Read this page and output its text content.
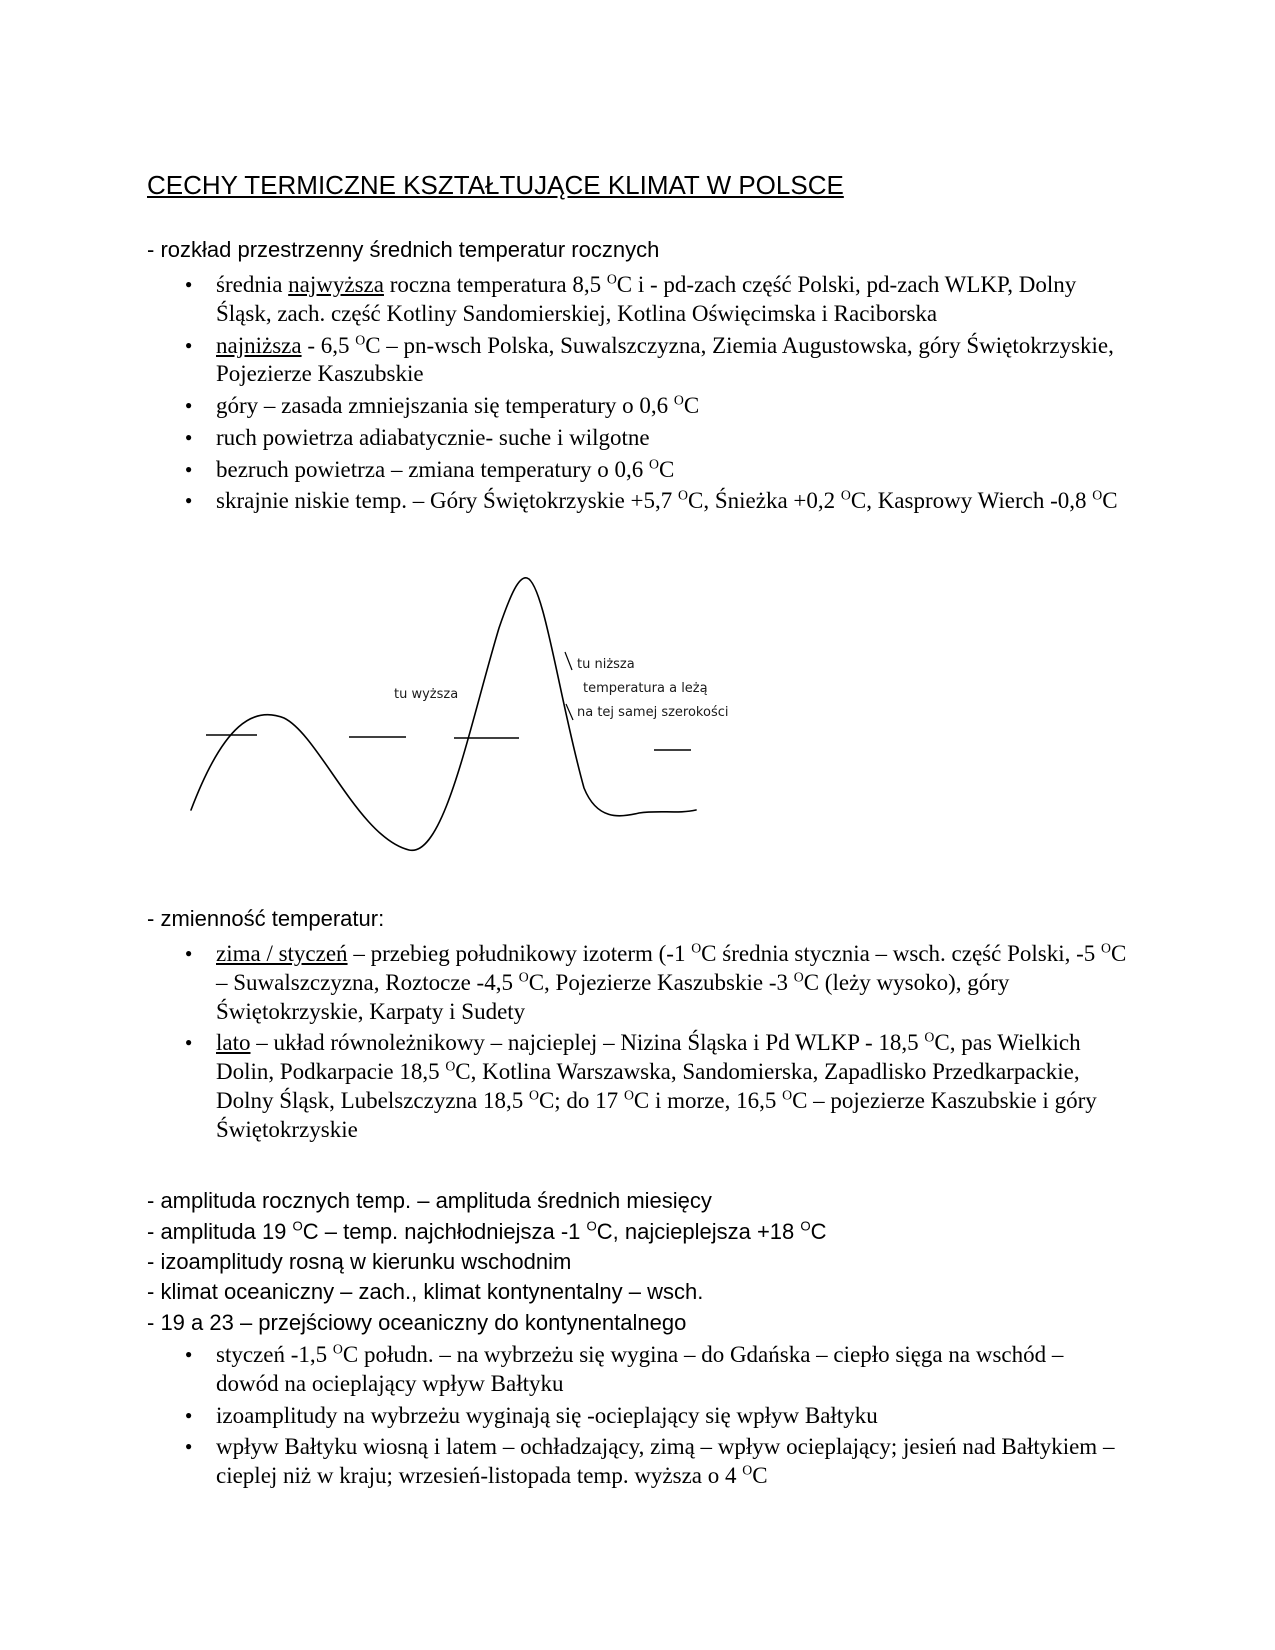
CECHY TERMICZNE KSZTAŁTUJĄCE KLIMAT W POLSCE
- rozkład przestrzenny średnich temperatur rocznych
● średnia najwyższa roczna temperatura 8,5 $^O$C i - pd-zach część Polski, pd-zach WLKP, Dolny Śląsk, zach. część Kotliny Sandomierskiej, Kotlina Oświęcimska i Raciborska
● najniższa - 6,5 $^O$C – pn-wsch Polska, Suwalszczyzna, Ziemia Augustowska, góry Świętokrzyskie, Pojezierze Kaszubskie
● góry – zasada zmniejszania się temperatury o 0,6 $^O$C
● ruch powietrza adiabatycznie- suche i wilgotne
● bezruch powietrza – zmiana temperatury o 0,6 $^O$C
● skrajnie niskie temp. – Góry Świętokrzyskie +5,7 $^O$C, Śnieżka +0,2 $^O$C, Kasprowy Wierch -0,8 $^O$C
tu wyższa
tu niższa
temperatura a leżą
na tej samej szerokości
- zmienność temperatur:
● zima / styczeń – przebieg południkowy izoterm (-1 $^O$C średnia stycznia – wsch. część Polski, -5 $^O$C – Suwalszczyzna, Roztocze -4,5 $^O$C, Pojezierze Kaszubskie -3 $^O$C (leży wysoko), góry Świętokrzyskie, Karpaty i Sudety
● lato – układ równoleżnikowy – najcieplej – Nizina Śląska i Pd WLKP - 18,5 $^O$C, pas Wielkich Dolin, Podkarpacie 18,5 $^O$C, Kotlina Warszawska, Sandomierska, Zapadlisko Przedkarpackie, Dolny Śląsk, Lubelszczyzna 18,5 $^O$C; do 17 $^O$C i morze, 16,5 $^O$C – pojezierze Kaszubskie i góry Świętokrzyskie
- amplituda rocznych temp. – amplituda średnich miesięcy
- amplituda 19 $^O$C – temp. najchłodniejsza -1 $^O$C, najcieplejsza +18 $^O$C
- izoamplitudy rosną w kierunku wschodnim
- klimat oceaniczny – zach., klimat kontynentalny – wsch.
- 19 a 23 – przejściowy oceaniczny do kontynentalnego
● styczeń -1,5 $^O$C połudn. – na wybrzeżu się wygina – do Gdańska – ciepło sięga na wschód – dowód na ocieplający wpływ Bałtyku
● izoamplitudy na wybrzeżu wyginają się -ocieplający się wpływ Bałtyku
● wpływ Bałtyku wiosną i latem – ochładzający, zimą – wpływ ocieplający; jesień nad Bałtykiem – cieplej niż w kraju; wrzesień-listopada temp. wyższa o 4 $^O$C
